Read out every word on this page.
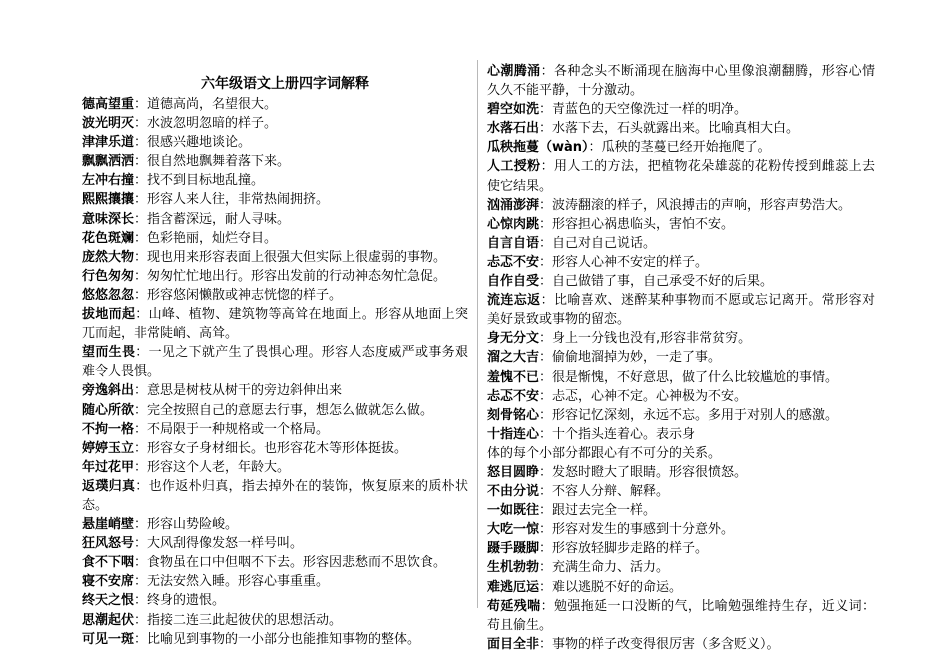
六年级语文上册四字词解释

德高望重：道德高尚，名望很大。

波光明灭：水波忽明忽暗的样子。

津津乐道：很感兴趣地谈论。

飘飘洒洒：很自然地飘舞着落下来。

左冲右撞：找不到目标地乱撞。

熙熙攘攘：形容人来人往，非常热闹拥挤。

意味深长：指含蓄深远，耐人寻味。

花色斑斓：色彩艳丽，灿烂夺目。

庞然大物：现也用来形容表面上很强大但实际上很虚弱的事物。

行色匆匆：匆匆忙忙地出行。形容出发前的行动神态匆忙急促。

悠悠忽忽：形容悠闲懒散或神志恍惚的样子。

拔地而起：山峰、植物、建筑物等高耸在地面上。形容从地面上突兀而起，非常陡峭、高耸。

望而生畏：一见之下就产生了畏惧心理。形容人态度威严或事务艰难令人畏惧。

旁逸斜出：意思是树枝从树干的旁边斜伸出来

随心所欲：完全按照自己的意愿去行事，想怎么做就怎么做。

不拘一格：不局限于一种规格或一个格局。

婷婷玉立：形容女子身材细长。也形容花木等形体挺拔。

年过花甲：形容这个人老，年龄大。

返璞归真：也作返朴归真，指去掉外在的装饰，恢复原来的质朴状态。

悬崖峭壁：形容山势险峻。

狂风怒号：大风刮得像发怒一样号叫。

食不下咽：食物虽在口中但咽不下去。形容因悲愁而不思饮食。

寝不安席：无法安然入睡。形容心事重重。

终天之恨：终身的遗恨。

思潮起伏：指接二连三此起彼伏的思想活动。

可见一斑：比喻见到事物的一小部分也能推知事物的整体。

心潮腾涌：各种念头不断涌现在脑海中心里像浪潮翻腾，形容心情久久不能平静，十分激动。

碧空如洗：青蓝色的天空像洗过一样的明净。

水落石出：水落下去，石头就露出来。比喻真相大白。

瓜秧拖蔓（wàn）：瓜秧的茎蔓已经开始拖爬了。

人工授粉：用人工的方法，把植物花朵雄蕊的花粉传授到雌蕊上去使它结果。

汹涌澎湃：波涛翻滚的样子，风浪搏击的声响，形容声势浩大。

心惊肉跳：形容担心祸患临头，害怕不安。

自言自语：自己对自己说话。

忐忑不安：形容人心神不安定的样子。

自作自受：自己做错了事，自己承受不好的后果。

流连忘返：比喻喜欢、迷醉某种事物而不愿或忘记离开。常形容对美好景致或事物的留恋。

身无分文：身上一分钱也没有,形容非常贫穷。

溜之大吉：偷偷地溜掉为妙，一走了事。

羞愧不已：很是惭愧，不好意思，做了什么比较尴尬的事情。

忐忑不安：忐忑，心神不定。心神极为不安。

刻骨铭心：形容记忆深刻，永远不忘。多用于对别人的感激。

十指连心：十个指头连着心。表示身

体的每个小部分都跟心有不可分的关系。

怒目圆睁：发怒时瞪大了眼睛。形容很愤怒。

不由分说：不容人分辩、解释。

一如既往：跟过去完全一样。

大吃一惊：形容对发生的事感到十分意外。

蹑手蹑脚：形容放轻脚步走路的样子。

生机勃勃：充满生命力、活力。

难逃厄运：难以逃脱不好的命运。

苟延残喘：勉强拖延一口没断的气，比喻勉强维持生存，近义词：苟且偷生。

面目全非：事物的样子改变得很厉害（多含贬义）。
